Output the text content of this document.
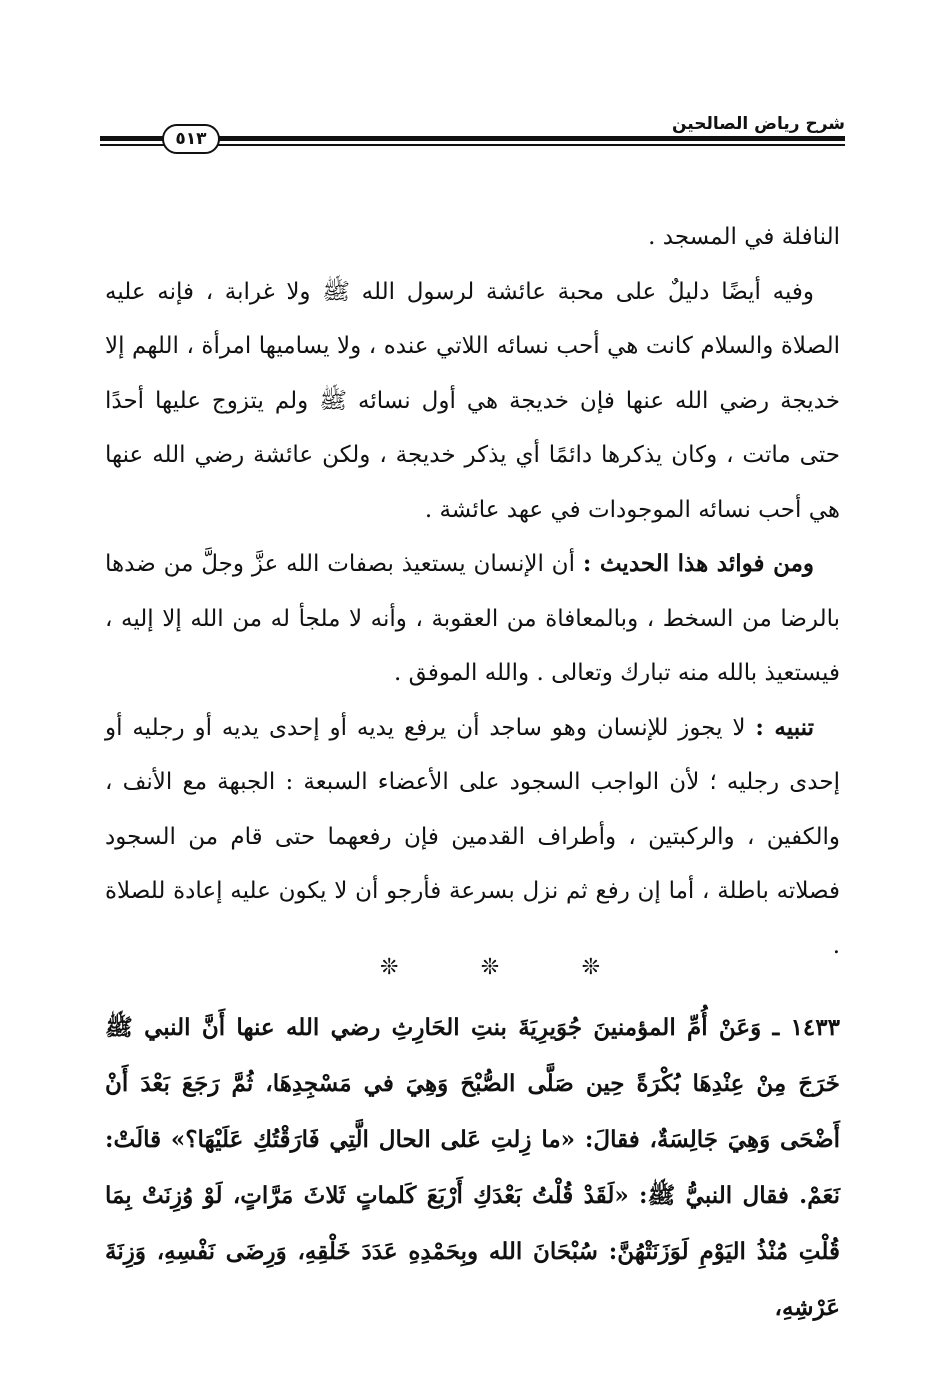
شرح رياض الصالحين
٥١٣

النافلة في المسجد .

وفيه أيضًا دليلٌ على محبة عائشة لرسول الله ﷺ ولا غرابة ، فإنه عليه الصلاة والسلام كانت هي أحب نسائه اللاتي عنده ، ولا يساميها امرأة ، اللهم إلا خديجة رضي الله عنها فإن خديجة هي أول نسائه ﷺ ولم يتزوج عليها أحدًا حتى ماتت ، وكان يذكرها دائمًا أي يذكر خديجة ، ولكن عائشة رضي الله عنها هي أحب نسائه الموجودات في عهد عائشة .

ومن فوائد هذا الحديث : أن الإنسان يستعيذ بصفات الله عزَّ وجلَّ من ضدها بالرضا من السخط ، وبالمعافاة من العقوبة ، وأنه لا ملجأ له من الله إلا إليه ، فيستعيذ بالله منه تبارك وتعالى . والله الموفق .

تنبيه : لا يجوز للإنسان وهو ساجد أن يرفع يديه أو إحدى يديه أو رجليه أو إحدى رجليه ؛ لأن الواجب السجود على الأعضاء السبعة : الجبهة مع الأنف ، والكفين ، والركبتين ، وأطراف القدمين فإن رفعهما حتى قام من السجود فصلاته باطلة ، أما إن رفع ثم نزل بسرعة فأرجو أن لا يكون عليه إعادة للصلاة .

❊	❊	❊

١٤٣٣ ـ وَعَنْ أُمِّ المؤمنينَ جُوَيرِيَةَ بنتِ الحَارِثِ رضي الله عنها أَنَّ النبي ﷺ خَرَجَ مِنْ عِنْدِهَا بُكْرَةً حِين صَلَّى الصُّبْحَ وَهِيَ في مَسْجِدِهَا، ثُمَّ رَجَعَ بَعْدَ أَنْ أَضْحَى وَهِيَ جَالِسَةٌ، فقالَ: «ما زِلتِ عَلى الحال الَّتِي فَارَقْتُكِ عَلَيْهَا؟» قالَتْ: نَعَمْ. فقال النبيُّ ﷺ: «لَقَدْ قُلْتُ بَعْدَكِ أَرْبَعَ كَلماتٍ ثَلاثَ مَرَّاتٍ، لَوْ وُزِنَتْ بِمَا قُلْتِ مُنْذُ اليَوْمِ لَوَزَنَتْهُنَّ: سُبْحَانَ الله وبِحَمْدِهِ عَدَدَ خَلْقِهِ، وَرِضَى نَفْسِهِ، وَزِنَةَ عَرْشِهِ،
